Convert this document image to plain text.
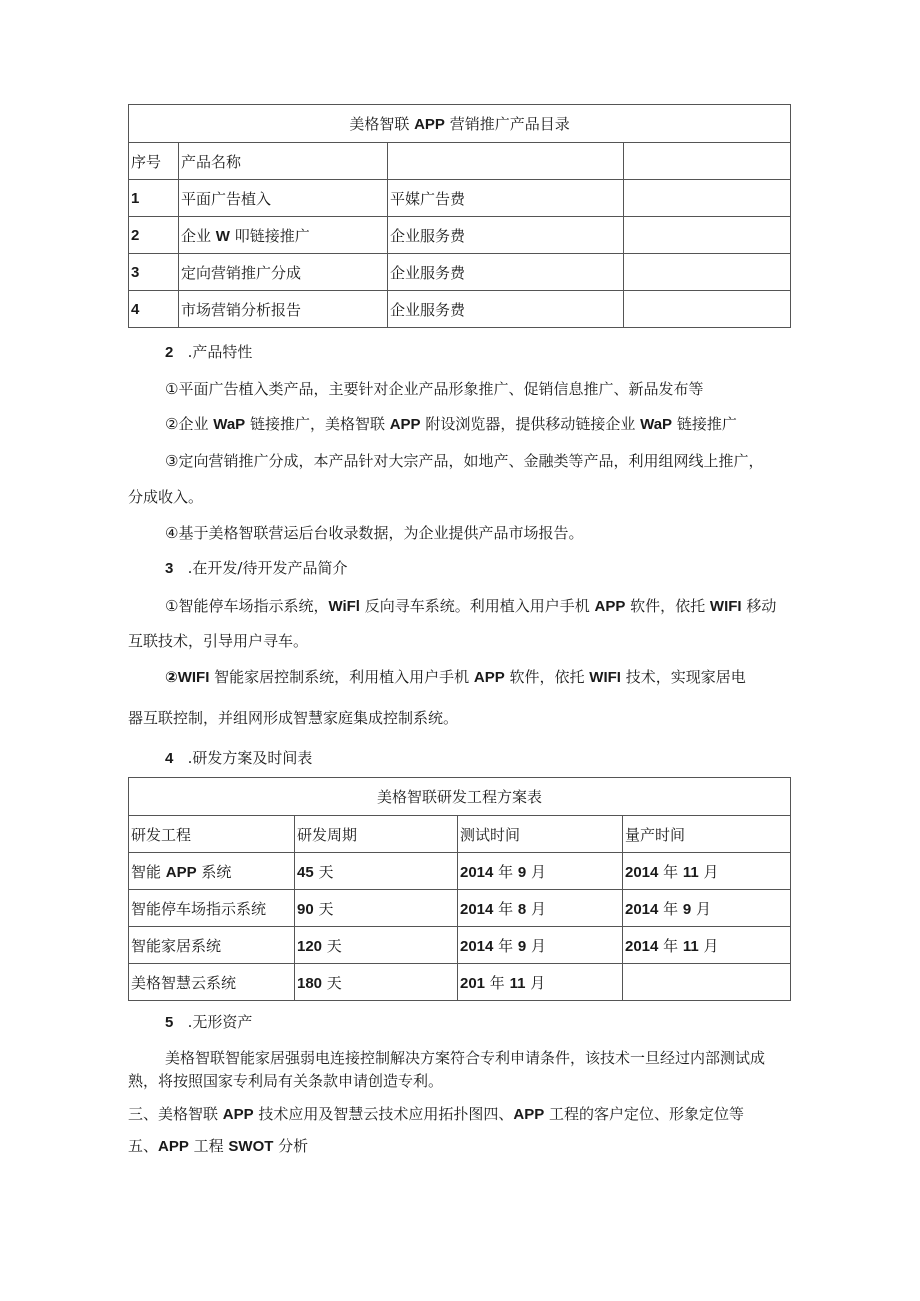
美格智联 APP 营销推广产品目录			
序号	产品名称		
1	平面广告植入	平媒广告费	
2	企业 W 叩链接推广	企业服务费	
3	定向营销推广分成	企业服务费	
4	市场营销分析报告	企业服务费	
2 .产品特性
①平面广告植入类产品，主要针对企业产品形象推广、促销信息推广、新品发布等
②企业 WaP 链接推广，美格智联 APP 附设浏览器，提供移动链接企业 WaP 链接推广
③定向营销推广分成，本产品针对大宗产品，如地产、金融类等产品，利用组网线上推广，
分成收入。
④基于美格智联营运后台收录数据，为企业提供产品市场报告。
3 .在开发/待开发产品简介
①智能停车场指示系统，WiFl 反向寻车系统。利用植入用户手机 APP 软件，依托 WIFI 移动
互联技术，引导用户寻车。
②WIFI 智能家居控制系统，利用植入用户手机 APP 软件，依托 WIFI 技术，实现家居电
器互联控制，并组网形成智慧家庭集成控制系统。
4 .研发方案及时间表
美格智联研发工程方案表			
研发工程	研发周期	测试时间	量产时间
智能 APP 系统	45 天	2014 年 9 月	2014 年 11 月
智能停车场指示系统	90 天	2014 年 8 月	2014 年 9 月
智能家居系统	120 天	2014 年 9 月	2014 年 11 月
美格智慧云系统	180 天	201 年 11 月	
5 .无形资产
美格智联智能家居强弱电连接控制解决方案符合专利申请条件，该技术一旦经过内部测试成
熟，将按照国家专利局有关条款申请创造专利。
三、美格智联 APP 技术应用及智慧云技术应用拓扑图四、APP 工程的客户定位、形象定位等
五、APP 工程 SWOT 分析
